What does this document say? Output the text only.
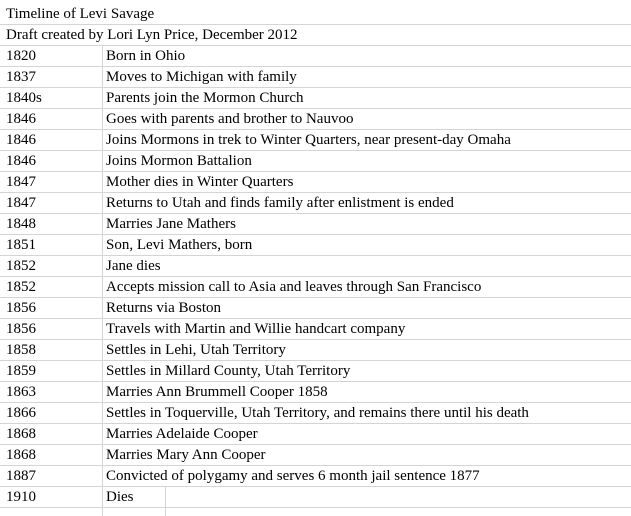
Timeline of Levi Savage
Draft created by Lori Lyn Price, December 2012
1820	Born in Ohio
1837	Moves to Michigan with family
1840s	Parents join the Mormon Church
1846	Goes with parents and brother to Nauvoo
1846	Joins Mormons in trek to Winter Quarters, near present-day Omaha
1846	Joins Mormon Battalion
1847	Mother dies in Winter Quarters
1847	Returns to Utah and finds family after enlistment is ended
1848	Marries Jane Mathers
1851	Son, Levi Mathers, born
1852	Jane dies
1852	Accepts mission call to Asia and leaves through San Francisco
1856	Returns via Boston
1856	Travels with Martin and Willie handcart company
1858	Settles in Lehi, Utah Territory
1859	Settles in Millard County, Utah Territory
1863	Marries Ann Brummell Cooper 1858
1866	Settles in Toquerville, Utah Territory, and remains there until his death
1868	Marries Adelaide Cooper
1868	Marries Mary Ann Cooper
1887	Convicted of polygamy and serves 6 month jail sentence 1877
1910	Dies
